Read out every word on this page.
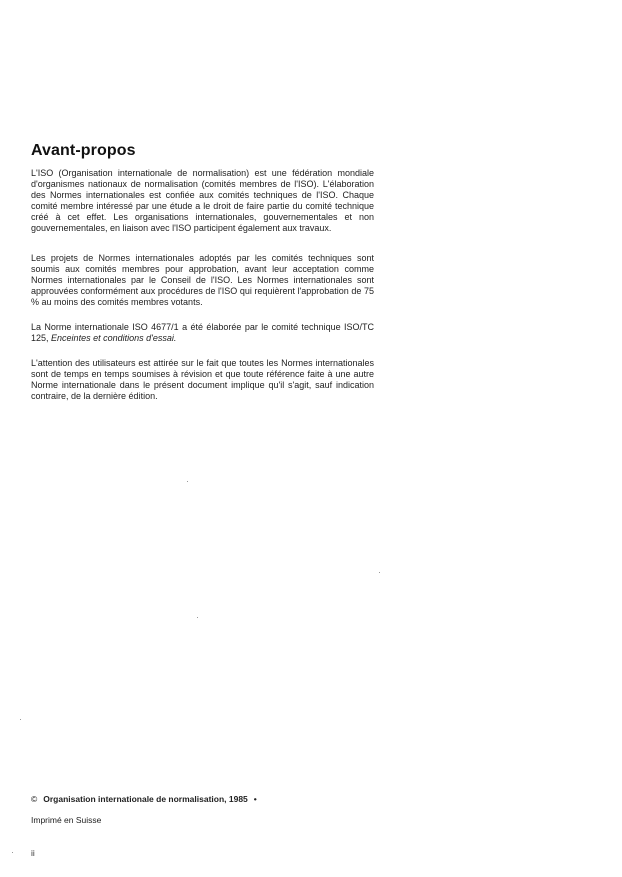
Avant-propos

L'ISO (Organisation internationale de normalisation) est une fédération mondiale d'organismes nationaux de normalisation (comités membres de l'ISO). L'élaboration des Normes internationales est confiée aux comités techniques de l'ISO. Chaque comité membre intéressé par une étude a le droit de faire partie du comité technique créé à cet effet. Les organisations internationales, gouvernementales et non gouvernementales, en liaison avec l'ISO participent également aux travaux.

Les projets de Normes internationales adoptés par les comités techniques sont soumis aux comités membres pour approbation, avant leur acceptation comme Normes internationales par le Conseil de l'ISO. Les Normes internationales sont approuvées conformément aux procédures de l'ISO qui requièrent l'approbation de 75 % au moins des comités membres votants.

La Norme internationale ISO 4677/1 a été élaborée par le comité technique ISO/TC 125, Enceintes et conditions d'essai.

L'attention des utilisateurs est attirée sur le fait que toutes les Normes internationales sont de temps en temps soumises à révision et que toute référence faite à une autre Norme internationale dans le présent document implique qu'il s'agit, sauf indication contraire, de la dernière édition.

© Organisation internationale de normalisation, 1985 •
Imprimé en Suisse
ii
